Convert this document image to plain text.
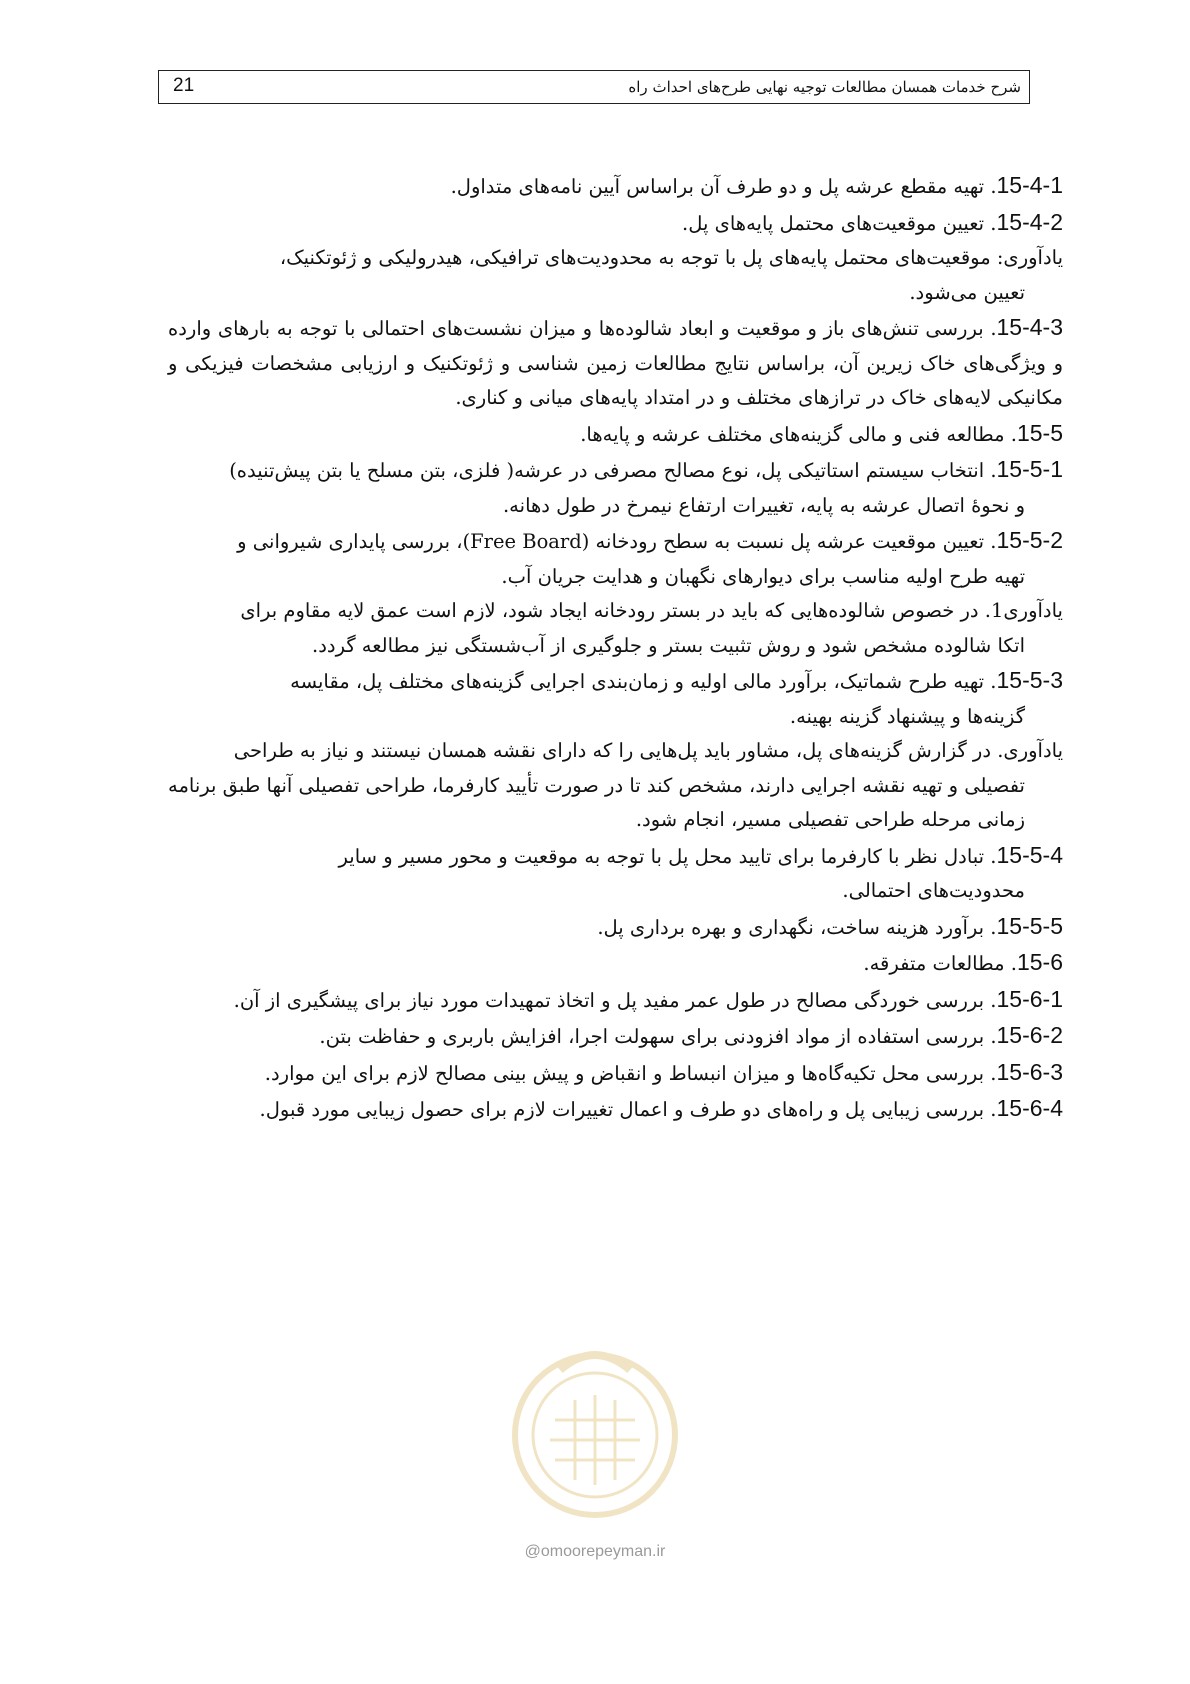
21	شرح خدمات همسان مطالعات توجیه نهایی طرح‌های احداث راه

15-4-1. تهیه مقطع عرشه پل و دو طرف آن براساس آیین نامه‌های متداول.

15-4-2. تعیین موقعیت‌های محتمل پایه‌های پل.

یادآوری: موقعیت‌های محتمل پایه‌های پل با توجه به محدودیت‌های ترافیکی، هیدرولیکی و ژئوتکنیک،

تعیین می‌شود.

15-4-3. بررسی تنش‌های باز و موقعیت و ابعاد شالوده‌ها و میزان نشست‌های احتمالی با توجه به بارهای وارده و ویژگی‌های خاک زیرین آن، براساس نتایج مطالعات زمین شناسی و ژئوتکنیک و ارزیابی مشخصات فیزیکی و مکانیکی لایه‌های خاک در ترازهای مختلف و در امتداد پایه‌های میانی و کناری.

15-5. مطالعه فنی و مالی گزینه‌های مختلف عرشه و پایه‌ها.

15-5-1. انتخاب سیستم استاتیکی پل، نوع مصالح مصرفی در عرشه( فلزی، بتن مسلح یا بتن پیش‌تنیده)

و نحوهٔ اتصال عرشه به پایه، تغییرات ارتفاع نیمرخ در طول دهانه.

15-5-2. تعیین موقعیت عرشه پل نسبت به سطح رودخانه (Free Board)، بررسی پایداری شیروانی و

تهیه طرح اولیه مناسب برای دیوارهای نگهبان و هدایت جریان آب.

یادآوری1. در خصوص شالوده‌هایی که باید در بستر رودخانه ایجاد شود، لازم است عمق لایه مقاوم برای

اتکا شالوده مشخص شود و روش تثبیت بستر و جلوگیری از آب‌شستگی نیز مطالعه گردد.

15-5-3. تهیه طرح شماتیک، برآورد مالی اولیه و زمان‌بندی اجرایی گزینه‌های مختلف پل، مقایسه

گزینه‌ها و پیشنهاد گزینه بهینه.

یادآوری. در گزارش گزینه‌های پل، مشاور باید پل‌هایی را که دارای نقشه همسان نیستند و نیاز به طراحی

تفصیلی و تهیه نقشه اجرایی دارند، مشخص کند تا در صورت تأیید کارفرما، طراحی تفصیلی آنها طبق برنامه زمانی مرحله طراحی تفصیلی مسیر، انجام شود.

15-5-4. تبادل نظر با کارفرما برای تایید محل پل با توجه به موقعیت و محور مسیر و سایر

محدودیت‌های احتمالی.

15-5-5. برآورد هزینه ساخت، نگهداری و بهره برداری پل.

15-6. مطالعات متفرقه.

15-6-1. بررسی خوردگی مصالح در طول عمر مفید پل و اتخاذ تمهیدات مورد نیاز برای پیشگیری از آن.

15-6-2. بررسی استفاده از مواد افزودنی برای سهولت اجرا، افزایش باربری و حفاظت بتن.

15-6-3. بررسی محل تکیه‌گاه‌ها و میزان انبساط و انقباض و پیش بینی مصالح لازم برای این موارد.

15-6-4. بررسی زیبایی پل و راه‌های دو طرف و اعمال تغییرات لازم برای حصول زیبایی مورد قبول.

@omoorepeyman.ir
